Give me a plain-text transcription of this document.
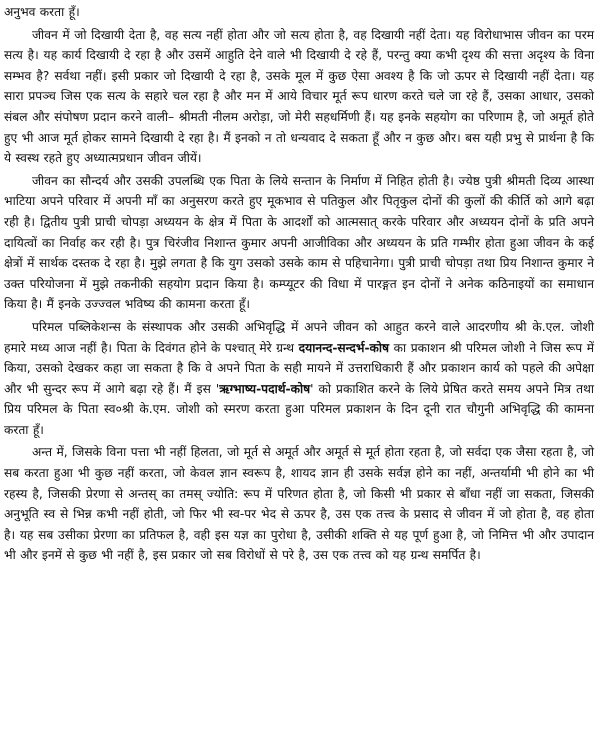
अनुभव करता हूँ।

जीवन में जो दिखायी देता है, वह सत्य नहीं होता और जो सत्य होता है, वह दिखायी नहीं देता। यह विरोधाभास जीवन का परम सत्य है। यह कार्य दिखायी दे रहा है और उसमें आहुति देने वाले भी दिखायी दे रहे हैं, परन्तु क्या कभी दृश्य की सत्ता अदृश्य के विना सम्भव है? सर्वथा नहीं। इसी प्रकार जो दिखायी दे रहा है, उसके मूल में कुछ ऐसा अवश्य है कि जो ऊपर से दिखायी नहीं देता। यह सारा प्रपञ्च जिस एक सत्य के सहारे चल रहा है और मन में आये विचार मूर्त रूप धारण करते चले जा रहे हैं, उसका आधार, उसको संबल और संपोषण प्रदान करने वाली– श्रीमती नीलम अरोड़ा, जो मेरी सहधर्मिणी हैं। यह इनके सहयोग का परिणाम है, जो अमूर्त होते हुए भी आज मूर्त होकर सामने दिखायी दे रहा है। मैं इनको न तो धन्यवाद दे सकता हूँ और न कुछ और। बस यही प्रभु से प्रार्थना है कि ये स्वस्थ रहते हुए अध्यात्मप्रधान जीवन जीयें।

जीवन का सौन्दर्य और उसकी उपलब्धि एक पिता के लिये सन्तान के निर्माण में निहित होती है। ज्येष्ठ पुत्री श्रीमती दिव्य आस्था भाटिया अपने परिवार में अपनी माँ का अनुसरण करते हुए मूकभाव से पतिकुल और पितृकुल दोनों की कुलों की कीर्ति को आगे बढ़ा रही है। द्वितीय पुत्री प्राची चोपड़ा अध्ययन के क्षेत्र में पिता के आदर्शों को आत्मसात् करके परिवार और अध्ययन दोनों के प्रति अपने दायित्वों का निर्वाह कर रही है। पुत्र चिरंजीव निशान्त कुमार अपनी आजीविका और अध्ययन के प्रति गम्भीर होता हुआ जीवन के कई क्षेत्रों में सार्थक दस्तक दे रहा है। मुझे लगता है कि युग उसको उसके काम से पहिचानेगा। पुत्री प्राची चोपड़ा तथा प्रिय निशान्त कुमार ने उक्त परियोजना में मुझे तकनीकी सहयोग प्रदान किया है। कम्प्यूटर की विधा में पारङ्गत इन दोनों ने अनेक कठिनाइयों का समाधान किया है। मैं इनके उज्ज्वल भविष्य की कामना करता हूँ।

परिमल पब्लिकेशन्स के संस्थापक और उसकी अभिवृद्धि में अपने जीवन को आहुत करने वाले आदरणीय श्री के.एल. जोशी हमारे मध्य आज नहीं है। पिता के दिवंगत होने के पश्चात् मेरे ग्रन्थ दयानन्द-सन्दर्भ-कोष का प्रकाशन श्री परिमल जोशी ने जिस रूप में किया, उसको देखकर कहा जा सकता है कि वे अपने पिता के सही मायने में उत्तराधिकारी हैं और प्रकाशन कार्य को पहले की अपेक्षा और भी सुन्दर रूप में आगे बढ़ा रहे हैं। मैं इस 'ऋग्भाष्य-पदार्थ-कोष' को प्रकाशित करने के लिये प्रेषित करते समय अपने मित्र तथा प्रिय परिमल के पिता स्व०श्री के.एम. जोशी को स्मरण करता हुआ परिमल प्रकाशन के दिन दूनी रात चौगुनी अभिवृद्धि की कामना करता हूँ।

अन्त में, जिसके विना पत्ता भी नहीं हिलता, जो मूर्त से अमूर्त और अमूर्त से मूर्त होता रहता है, जो सर्वदा एक जैसा रहता है, जो सब करता हुआ भी कुछ नहीं करता, जो केवल ज्ञान स्वरूप है, शायद ज्ञान ही उसके सर्वज्ञ होने का नहीं, अन्तर्यामी भी होने का भी रहस्य है, जिसकी प्रेरणा से अन्तस् का तमस् ज्योति: रूप में परिणत होता है, जो किसी भी प्रकार से बाँधा नहीं जा सकता, जिसकी अनुभूति स्व से भिन्न कभी नहीं होती, जो फिर भी स्व-पर भेद से ऊपर है, उस एक तत्त्व के प्रसाद से जीवन में जो होता है, वह होता है। यह सब उसीका प्रेरणा का प्रतिफल है, वही इस यज्ञ का पुरोधा है, उसीकी शक्ति से यह पूर्ण हुआ है, जो निमित्त भी और उपादान भी और इनमें से कुछ भी नहीं है, इस प्रकार जो सब विरोधों से परे है, उस एक तत्त्व को यह ग्रन्थ समर्पित है।
